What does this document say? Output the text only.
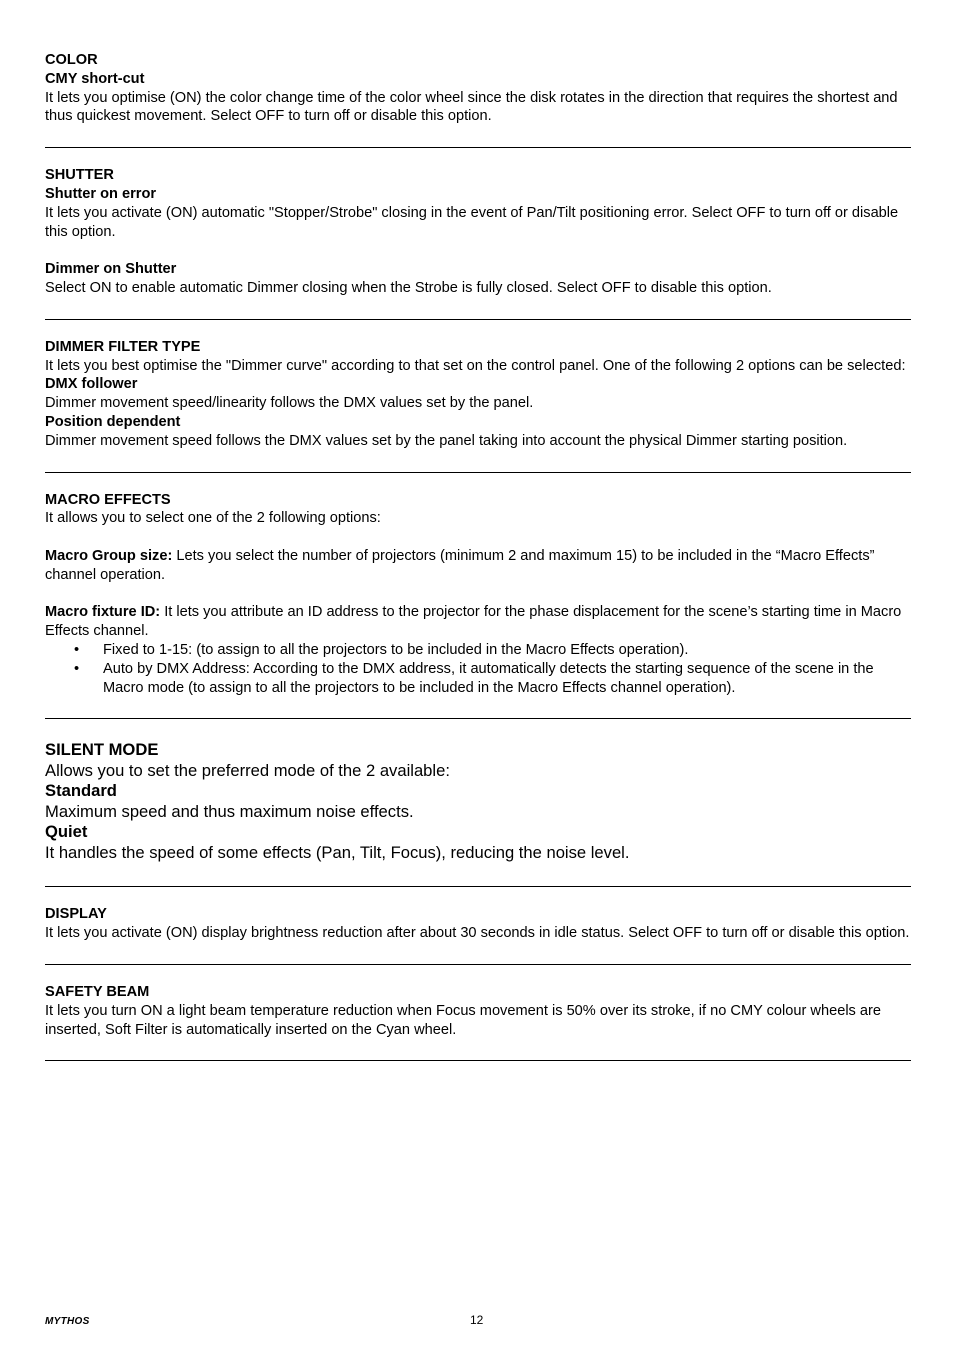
COLOR

CMY short-cut

It lets you optimise (ON) the color change time of the color wheel since the disk rotates in the direction that requires the shortest and thus quickest movement. Select OFF to turn off or disable this option.

SHUTTER

Shutter on error

It lets you activate (ON) automatic "Stopper/Strobe" closing in the event of Pan/Tilt positioning error. Select OFF to turn off or disable this option.

Dimmer on Shutter

Select ON to enable automatic Dimmer closing when the Strobe is fully closed. Select OFF to disable this option.

DIMMER FILTER TYPE

It lets you best optimise the "Dimmer curve" according to that set on the control panel. One of the following 2 options can be selected:

DMX follower

Dimmer movement speed/linearity follows the DMX values set by the panel.

Position dependent

Dimmer movement speed follows the DMX values set by the panel taking into account the physical Dimmer starting position.

MACRO EFFECTS

It allows you to select one of the 2 following options:

Macro Group size: Lets you select the number of projectors (minimum 2 and maximum 15) to be included in the “Macro Effects” channel operation.

Macro fixture ID: It lets you attribute an ID address to the projector for the phase displacement for the scene’s starting time in Macro Effects channel.

• Fixed to 1-15: (to assign to all the projectors to be included in the Macro Effects operation).
• Auto by DMX Address: According to the DMX address, it automatically detects the starting sequence of the scene in the Macro mode (to assign to all the projectors to be included in the Macro Effects channel operation).

SILENT MODE

Allows you to set the preferred mode of the 2 available:

Standard

Maximum speed and thus maximum noise effects.

Quiet

It handles the speed of some effects (Pan, Tilt, Focus), reducing the noise level.

DISPLAY

It lets you activate (ON) display brightness reduction after about 30 seconds in idle status. Select OFF to turn off or disable this option.

SAFETY BEAM

It lets you turn ON a light beam temperature reduction when Focus movement is 50% over its stroke, if no CMY colour wheels are inserted, Soft Filter is automatically inserted on the Cyan wheel.

MYTHOS	12
